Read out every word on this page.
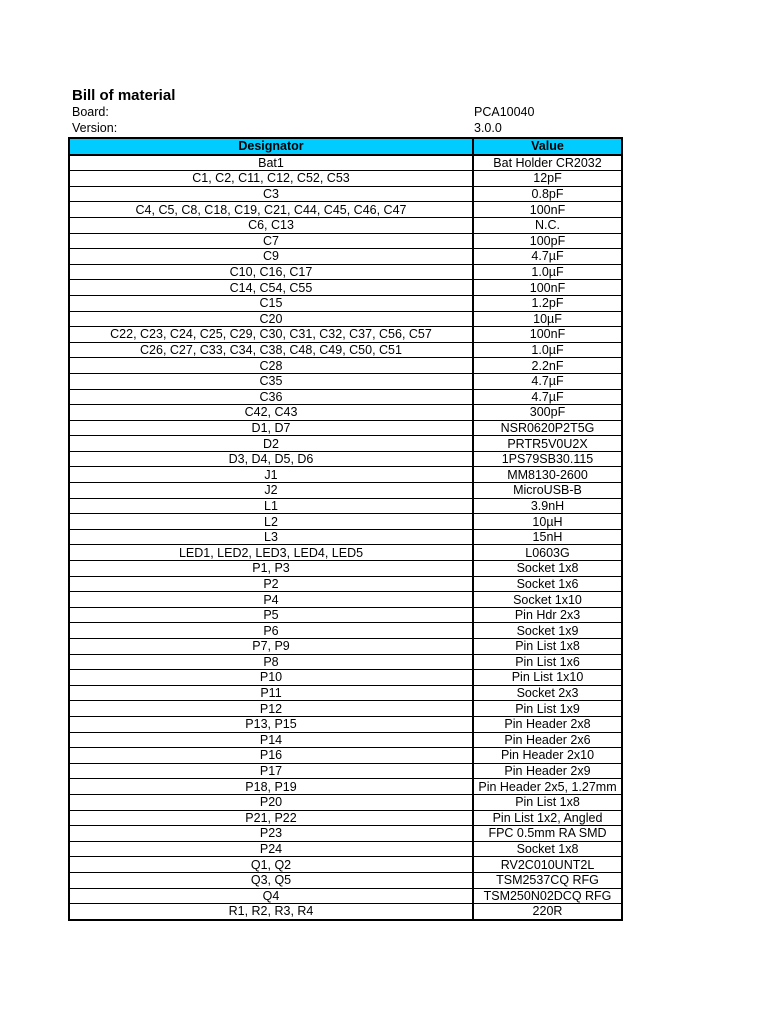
Bill of material
Board:	PCA10040
Version:	3.0.0
Designator	Value
Bat1	Bat Holder CR2032
C1, C2, C11, C12, C52, C53	12pF
C3	0.8pF
C4, C5, C8, C18, C19, C21, C44, C45, C46, C47	100nF
C6, C13	N.C.
C7	100pF
C9	4.7µF
C10, C16, C17	1.0µF
C14, C54, C55	100nF
C15	1.2pF
C20	10µF
C22, C23, C24, C25, C29, C30, C31, C32, C37, C56, C57	100nF
C26, C27, C33, C34, C38, C48, C49, C50, C51	1.0µF
C28	2.2nF
C35	4.7µF
C36	4.7µF
C42, C43	300pF
D1, D7	NSR0620P2T5G
D2	PRTR5V0U2X
D3, D4, D5, D6	1PS79SB30.115
J1	MM8130-2600
J2	MicroUSB-B
L1	3.9nH
L2	10µH
L3	15nH
LED1, LED2, LED3, LED4, LED5	L0603G
P1, P3	Socket 1x8
P2	Socket 1x6
P4	Socket 1x10
P5	Pin Hdr 2x3
P6	Socket 1x9
P7, P9	Pin List 1x8
P8	Pin List 1x6
P10	Pin List 1x10
P11	Socket 2x3
P12	Pin List 1x9
P13, P15	Pin Header 2x8
P14	Pin Header 2x6
P16	Pin Header 2x10
P17	Pin Header 2x9
P18, P19	Pin Header 2x5, 1.27mm
P20	Pin List 1x8
P21, P22	Pin List 1x2, Angled
P23	FPC 0.5mm RA SMD
P24	Socket 1x8
Q1, Q2	RV2C010UNT2L
Q3, Q5	TSM2537CQ RFG
Q4	TSM250N02DCQ RFG
R1, R2, R3, R4	220R
